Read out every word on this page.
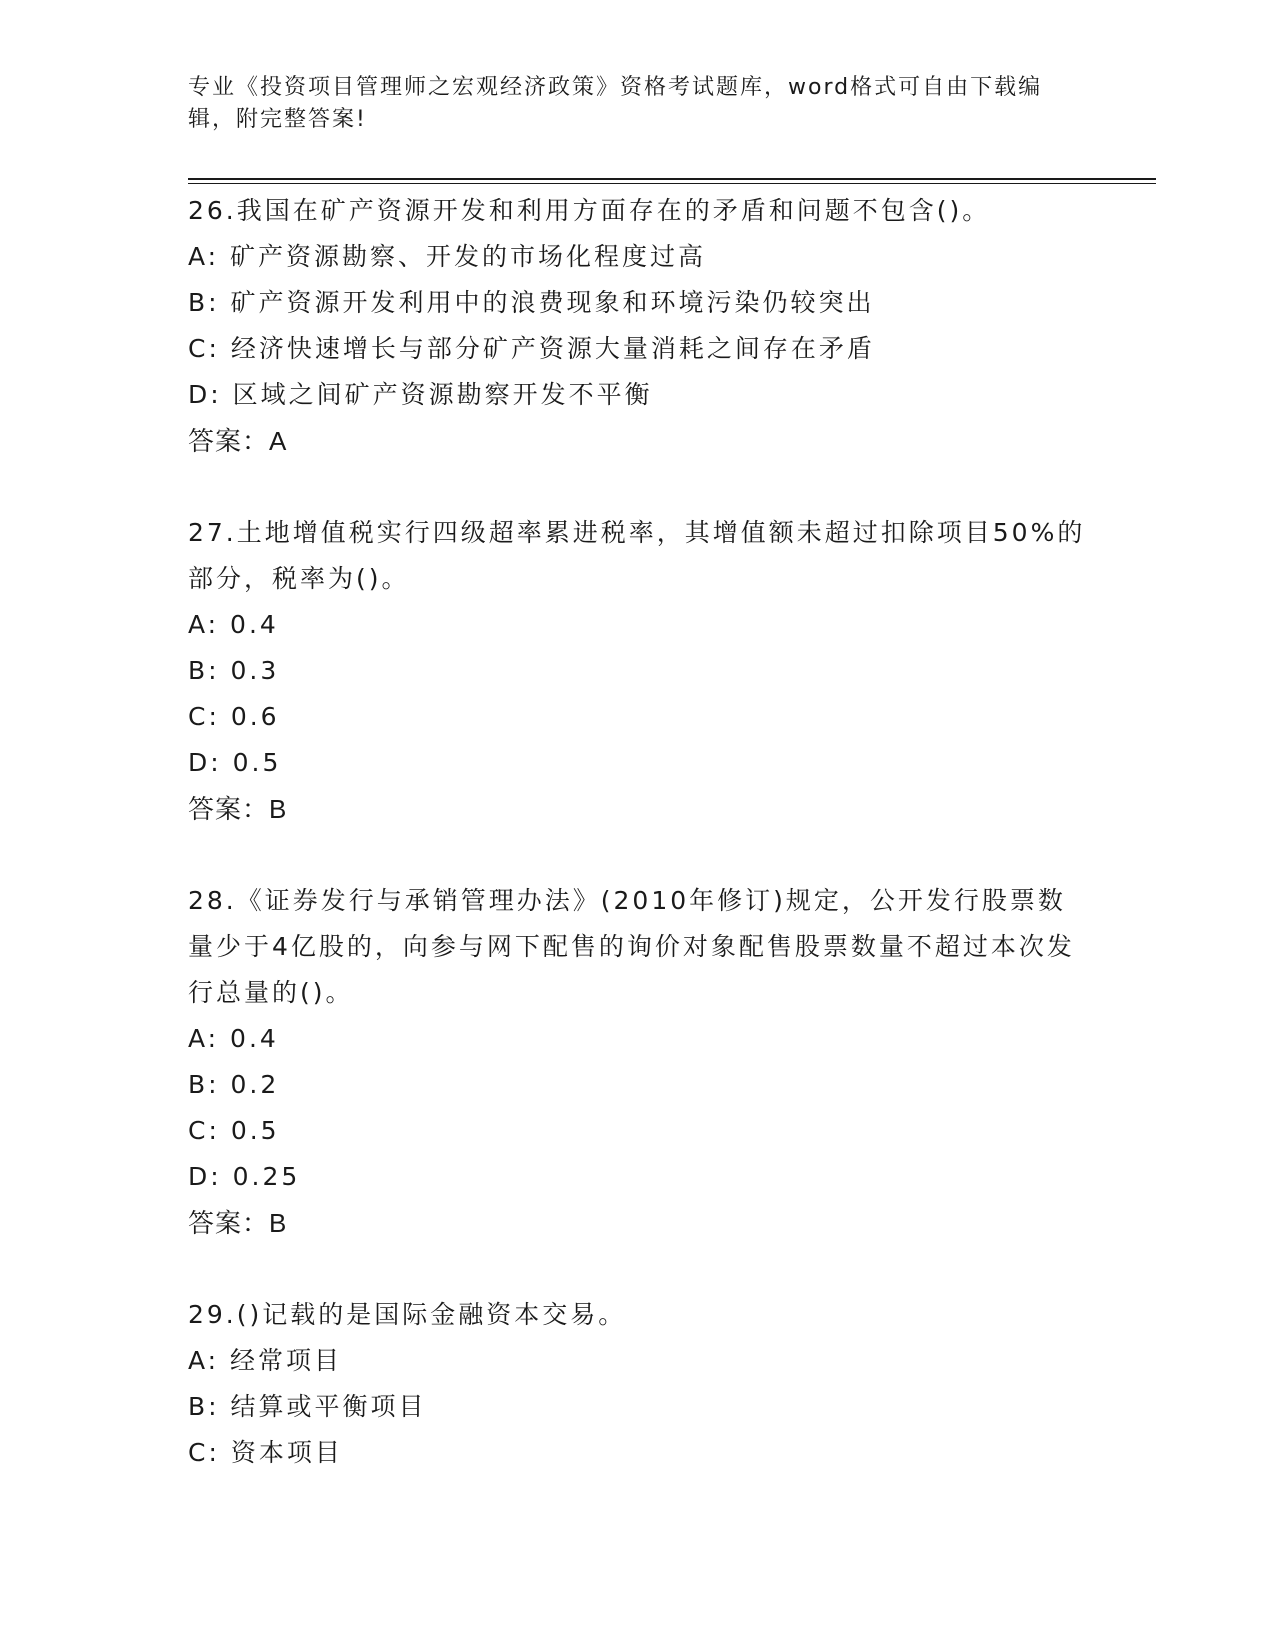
专业《投资项目管理师之宏观经济政策》资格考试题库，word格式可自由下载编
辑，附完整答案!
26.我国在矿产资源开发和利用方面存在的矛盾和问题不包含()。
A: 矿产资源勘察、开发的市场化程度过高
B: 矿产资源开发利用中的浪费现象和环境污染仍较突出
C: 经济快速增长与部分矿产资源大量消耗之间存在矛盾
D: 区域之间矿产资源勘察开发不平衡
答案：A
27.土地增值税实行四级超率累进税率，其增值额未超过扣除项目50%的部分，税率为()。
A: 0.4
B: 0.3
C: 0.6
D: 0.5
答案：B
28.《证券发行与承销管理办法》(2010年修订)规定，公开发行股票数量少于4亿股的，向参与网下配售的询价对象配售股票数量不超过本次发行总量的()。
A: 0.4
B: 0.2
C: 0.5
D: 0.25
答案：B
29.()记载的是国际金融资本交易。
A: 经常项目
B: 结算或平衡项目
C: 资本项目
